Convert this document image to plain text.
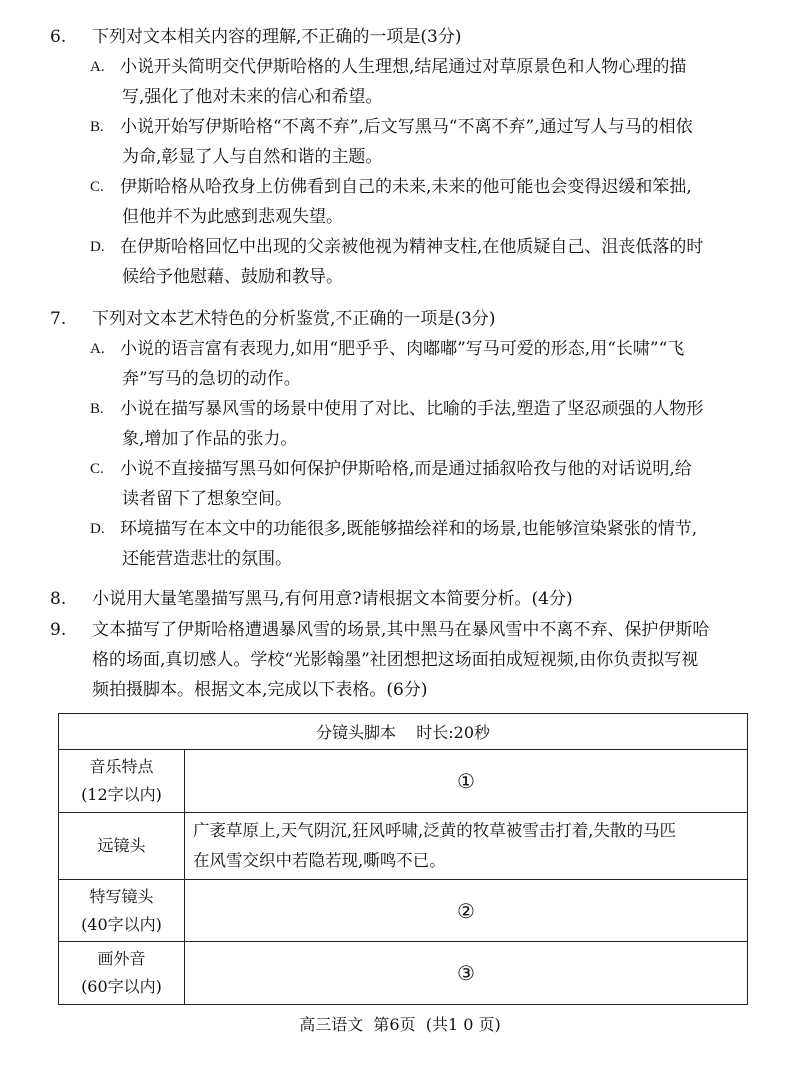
6.	下列对文本相关内容的理解,不正确的一项是(3分)
A. 小说开头简明交代伊斯哈格的人生理想,结尾通过对草原景色和人物心理的描
写,强化了他对未来的信心和希望。
B. 小说开始写伊斯哈格“不离不弃”,后文写黑马“不离不弃”,通过写人与马的相依
为命,彰显了人与自然和谐的主题。
C. 伊斯哈格从哈孜身上仿佛看到自己的未来,未来的他可能也会变得迟缓和笨拙,
但他并不为此感到悲观失望。
D. 在伊斯哈格回忆中出现的父亲被他视为精神支柱,在他质疑自己、沮丧低落的时
候给予他慰藉、鼓励和教导。
7.	下列对文本艺术特色的分析鉴赏,不正确的一项是(3分)
A. 小说的语言富有表现力,如用“肥乎乎、肉嘟嘟”写马可爱的形态,用“长啸”“飞
奔”写马的急切的动作。
B. 小说在描写暴风雪的场景中使用了对比、比喻的手法,塑造了坚忍顽强的人物形
象,增加了作品的张力。
C. 小说不直接描写黑马如何保护伊斯哈格,而是通过插叙哈孜与他的对话说明,给
读者留下了想象空间。
D. 环境描写在本文中的功能很多,既能够描绘祥和的场景,也能够渲染紧张的情节,
还能营造悲壮的氛围。
8.	小说用大量笔墨描写黑马,有何用意?请根据文本简要分析。(4分)
9.	文本描写了伊斯哈格遭遇暴风雪的场景,其中黑马在暴风雪中不离不弃、保护伊斯哈
格的场面,真切感人。学校“光影翰墨”社团想把这场面拍成短视频,由你负责拟写视
频拍摄脚本。根据文本,完成以下表格。(6分)
分镜头脚本    时长:20秒	

音乐特点
(12字以内)	①

远镜头	广袤草原上,天气阴沉,狂风呼啸,泛黄的牧草被雪击打着,失散的马匹
在风雪交织中若隐若现,嘶鸣不已。

特写镜头
(40字以内)	②

画外音
(60字以内)	③
高三语文  第6页  (共1 0 页)
